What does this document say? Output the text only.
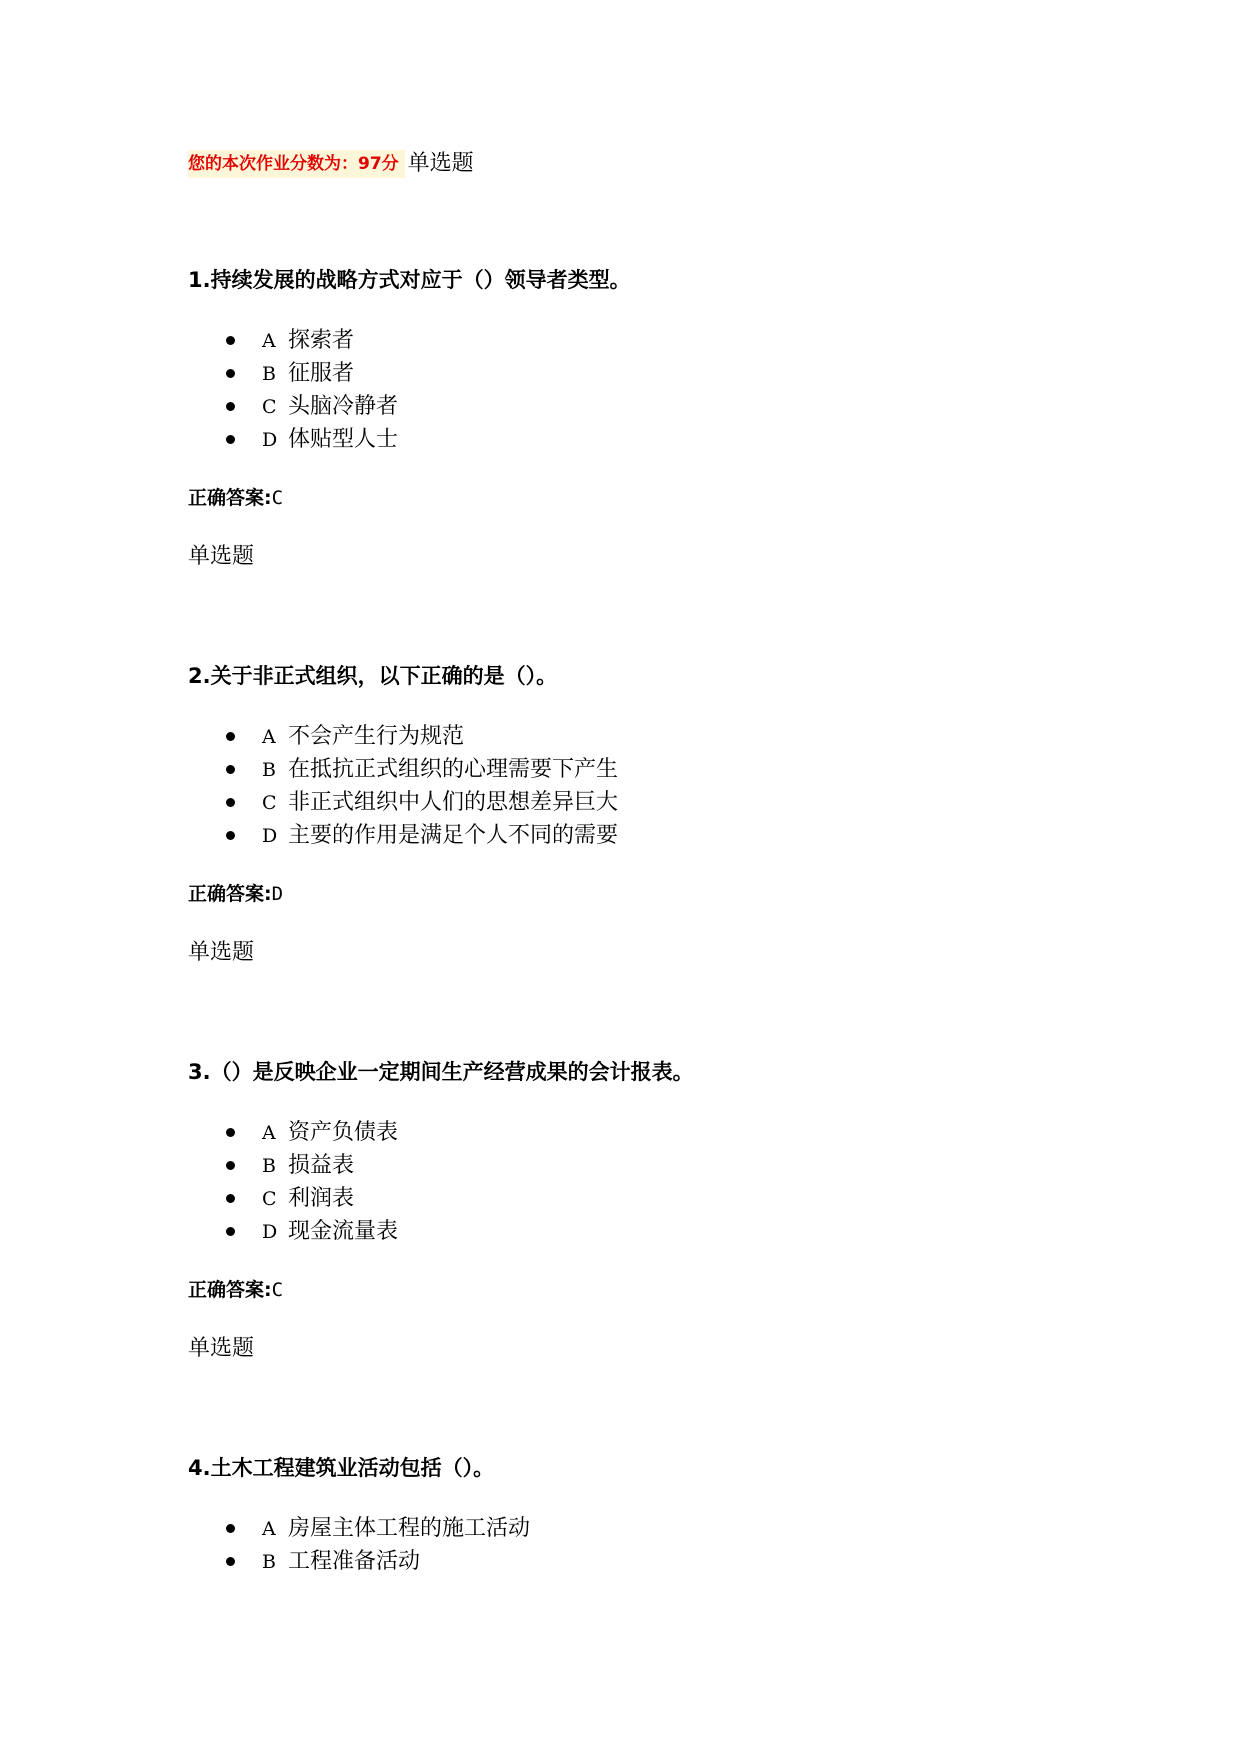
您的本次作业分数为：97分 单选题

1.持续发展的战略方式对应于（）领导者类型。

A 探索者
B 征服者
C 头脑冷静者
D 体贴型人士
正确答案:C
单选题

2.关于非正式组织，以下正确的是（）。

A 不会产生行为规范
B 在抵抗正式组织的心理需要下产生
C 非正式组织中人们的思想差异巨大
D 主要的作用是满足个人不同的需要
正确答案:D
单选题

3.（）是反映企业一定期间生产经营成果的会计报表。

A 资产负债表
B 损益表
C 利润表
D 现金流量表
正确答案:C
单选题

4.土木工程建筑业活动包括（）。

A 房屋主体工程的施工活动
B 工程准备活动
